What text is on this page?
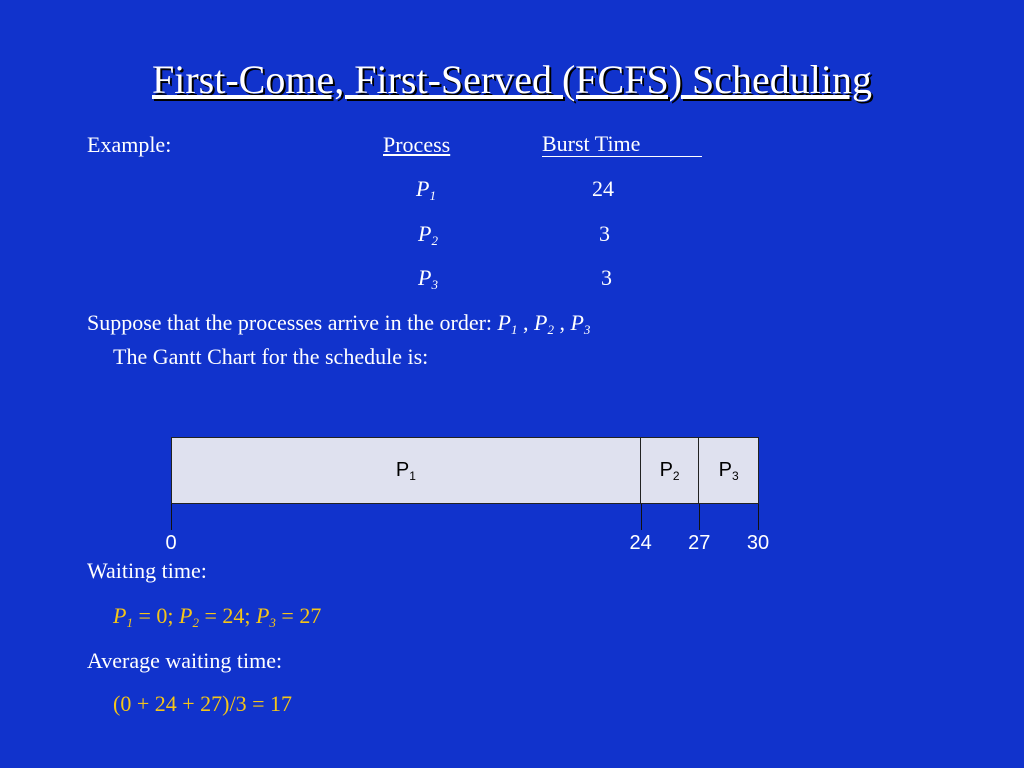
First-Come, First-Served (FCFS) Scheduling
Example:	Process	Burst Time
$P_1$	24
$P_2$	3
$P_3$	3
Suppose that the processes arrive in the order: $P_1$ , $P_2$ , $P_3$
The Gantt Chart for the schedule is:
$P_1$	$P_2$ $P_3$
0	24 27 30
Waiting time:
$P_1 = 0$; $P_2 = 24$; $P_3 = 27$
Average waiting time:
(0 + 24 + 27)/3 = 17
